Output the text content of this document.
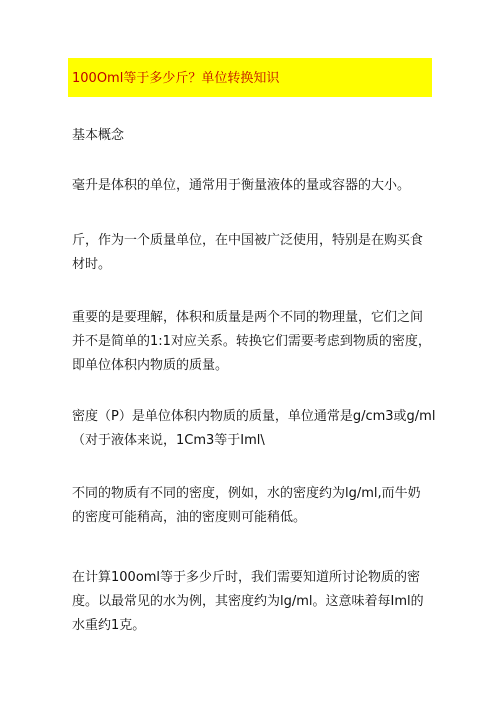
100Oml等于多少斤？单位转换知识
基本概念
毫升是体积的单位，通常用于衡量液体的量或容器的大小。
斤，作为一个质量单位，在中国被广泛使用，特别是在购买食
材时。
重要的是要理解，体积和质量是两个不同的物理量，它们之间
并不是简单的1:1对应关系。转换它们需要考虑到物质的密度，
即单位体积内物质的质量。
密度（P）是单位体积内物质的质量，单位通常是g/cm3或g/ml
（对于液体来说，1Cm3等于Iml\
不同的物质有不同的密度，例如，水的密度约为lg/ml,而牛奶
的密度可能稍高，油的密度则可能稍低。
在计算100oml等于多少斤时，我们需要知道所讨论物质的密
度。以最常见的水为例，其密度约为lg/ml。这意味着每Iml的
水重约1克。
